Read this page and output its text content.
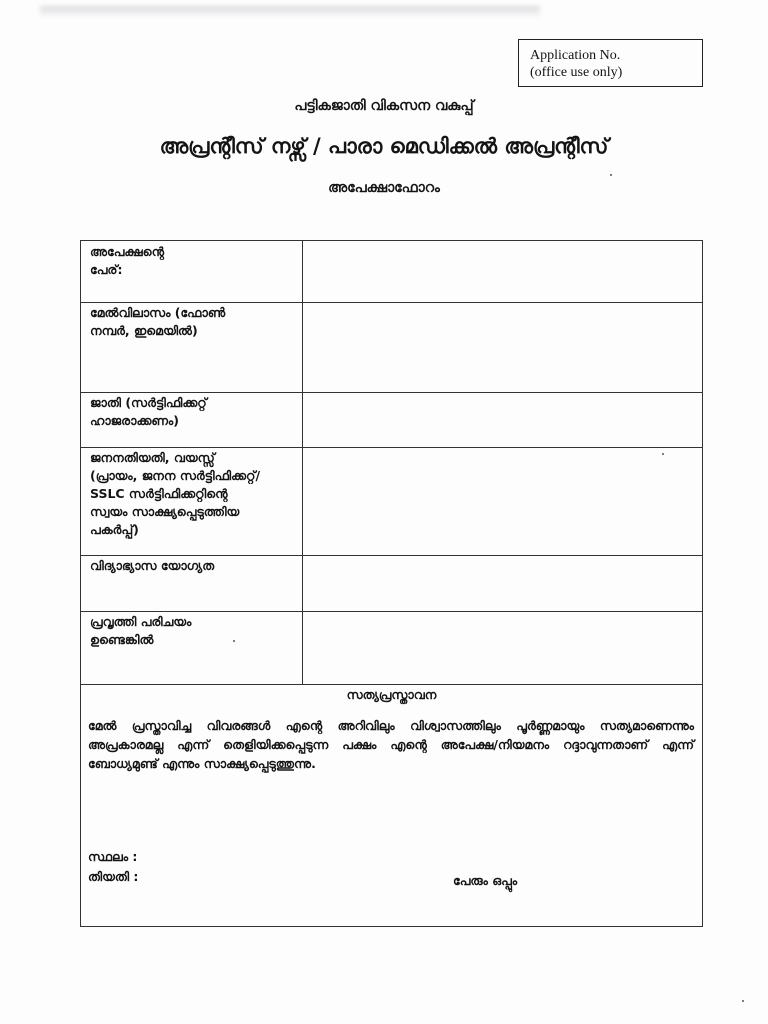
Application No.
(office use only)
പട്ടികജാതി വികസന വകുപ്പ്
അപ്രന്റീസ് നഴ്സ് / പാരാ മെഡിക്കൽ അപ്രന്റീസ്
അപേക്ഷാഫോറം
അപേക്ഷന്റെ
പേര്:
മേൽവിലാസം (ഫോൺ
നമ്പർ, ഇമെയിൽ)
ജാതി (സർട്ടിഫിക്കറ്റ്
ഹാജരാക്കണം)
ജനനതിയതി, വയസ്സ്
(പ്രായം, ജനന സർട്ടിഫിക്കറ്റ്/
SSLC സർട്ടിഫിക്കറ്റിന്റെ
സ്വയം സാക്ഷ്യപ്പെടുത്തിയ
പകർപ്പ്)
വിദ്യാഭ്യാസ യോഗ്യത
പ്രവൃത്തി പരിചയം
ഉണ്ടെങ്കിൽ
സത്യപ്രസ്താവന
മേൽ പ്രസ്താവിച്ച വിവരങ്ങൾ എന്റെ അറിവിലും വിശ്വാസത്തിലും പൂർണ്ണമായും സത്യമാണെന്നും അപ്രകാരമല്ല എന്ന് തെളിയിക്കപ്പെടുന്ന പക്ഷം എന്റെ അപേക്ഷ/നിയമനം റദ്ദാവുന്നതാണ് എന്ന് ബോധ്യമുണ്ട് എന്നും സാക്ഷ്യപ്പെടുത്തുന്നു.
സ്ഥലം :
തിയതി :	പേരും ഒപ്പും
